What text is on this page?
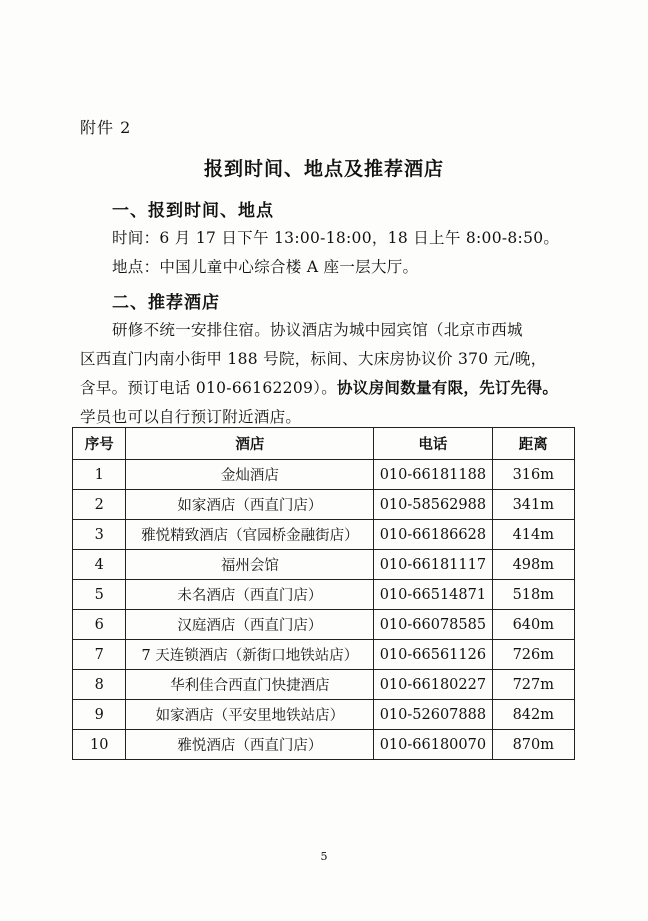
附件 2
报到时间、地点及推荐酒店
一、报到时间、地点
时间：6 月 17 日下午 13:00-18:00，18 日上午 8:00-8:50。
地点：中国儿童中心综合楼 A 座一层大厅。
二、推荐酒店
研修不统一安排住宿。协议酒店为城中园宾馆（北京市西城
区西直门内南小街甲 188 号院，标间、大床房协议价 370 元/晚，
含早。预订电话 010-66162209）。协议房间数量有限，先订先得。
学员也可以自行预订附近酒店。
序号	酒店	电话	距离
1	金灿酒店	010-66181188	316m
2	如家酒店（西直门店）	010-58562988	341m
3	雅悦精致酒店（官园桥金融街店）	010-66186628	414m
4	福州会馆	010-66181117	498m
5	未名酒店（西直门店）	010-66514871	518m
6	汉庭酒店（西直门店）	010-66078585	640m
7	7 天连锁酒店（新街口地铁站店）	010-66561126	726m
8	华利佳合西直门快捷酒店	010-66180227	727m
9	如家酒店（平安里地铁站店）	010-52607888	842m
10	雅悦酒店（西直门店）	010-66180070	870m
5
